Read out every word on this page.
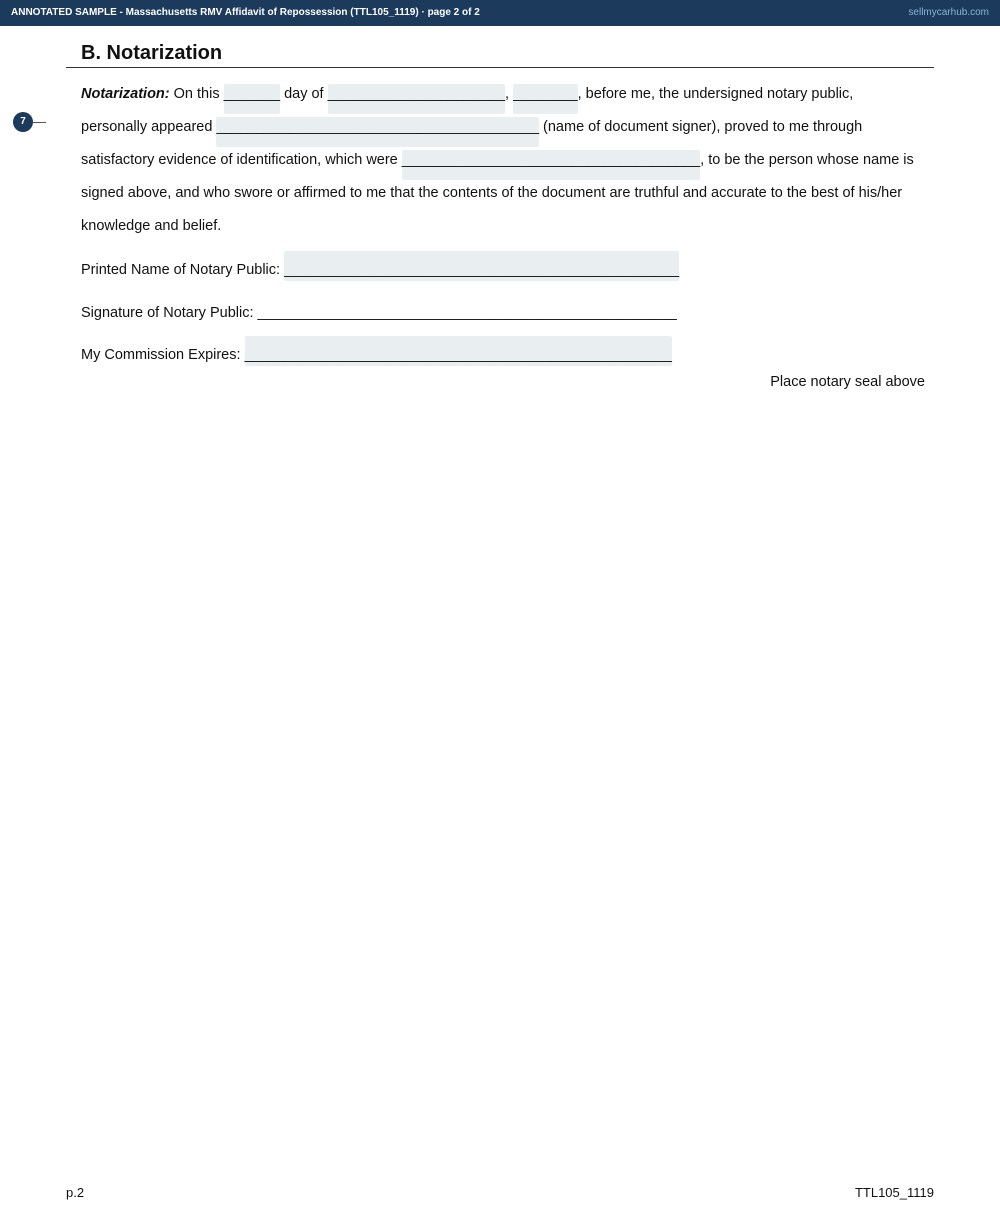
ANNOTATED SAMPLE - Massachusetts RMV Affidavit of Repossession (TTL105_1119) · page 2 of 2	sellmycarhub.com
B. Notarization
7
Notarization: On this
_______ day of
______________________,
________, before me, the undersigned notary public, personally appeared
________________________________________ (name of document signer), proved to me through satisfactory evidence of identification, which were
_____________________________________, to be the person whose name is signed above, and who swore or affirmed to me that the contents of the document are truthful and accurate to the best of his/her knowledge and belief.
Printed Name of Notary Public:
_________________________________________________
Signature of Notary Public: ____________________________________________________
My Commission Expires:
_____________________________________________________
Place notary seal above
p.2	TTL105_1119
